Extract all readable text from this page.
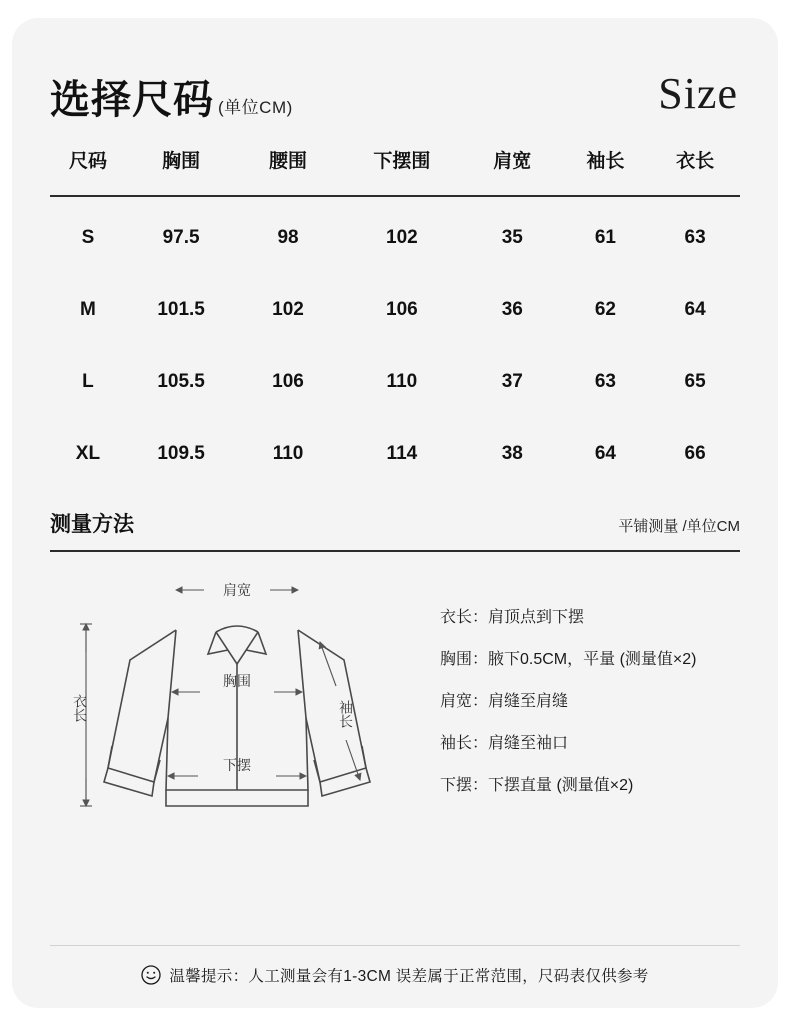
选择尺码 (单位CM)	Size
尺码	胸围	腰围	下摆围	肩宽	袖长	衣长
S	97.5	98	102	35	61	63
M	101.5	102	106	36	62	64
L	105.5	106	110	37	63	65
XL	109.5	110	114	38	64	66
测量方法	平铺测量 /单位CM
肩宽
衣长
胸围
袖长
下摆
衣长：肩顶点到下摆
胸围：腋下0.5CM，平量 (测量值×2)
肩宽：肩缝至肩缝
袖长：肩缝至袖口
下摆：下摆直量 (测量值×2)
温馨提示：人工测量会有1-3CM 误差属于正常范围，尺码表仅供参考
